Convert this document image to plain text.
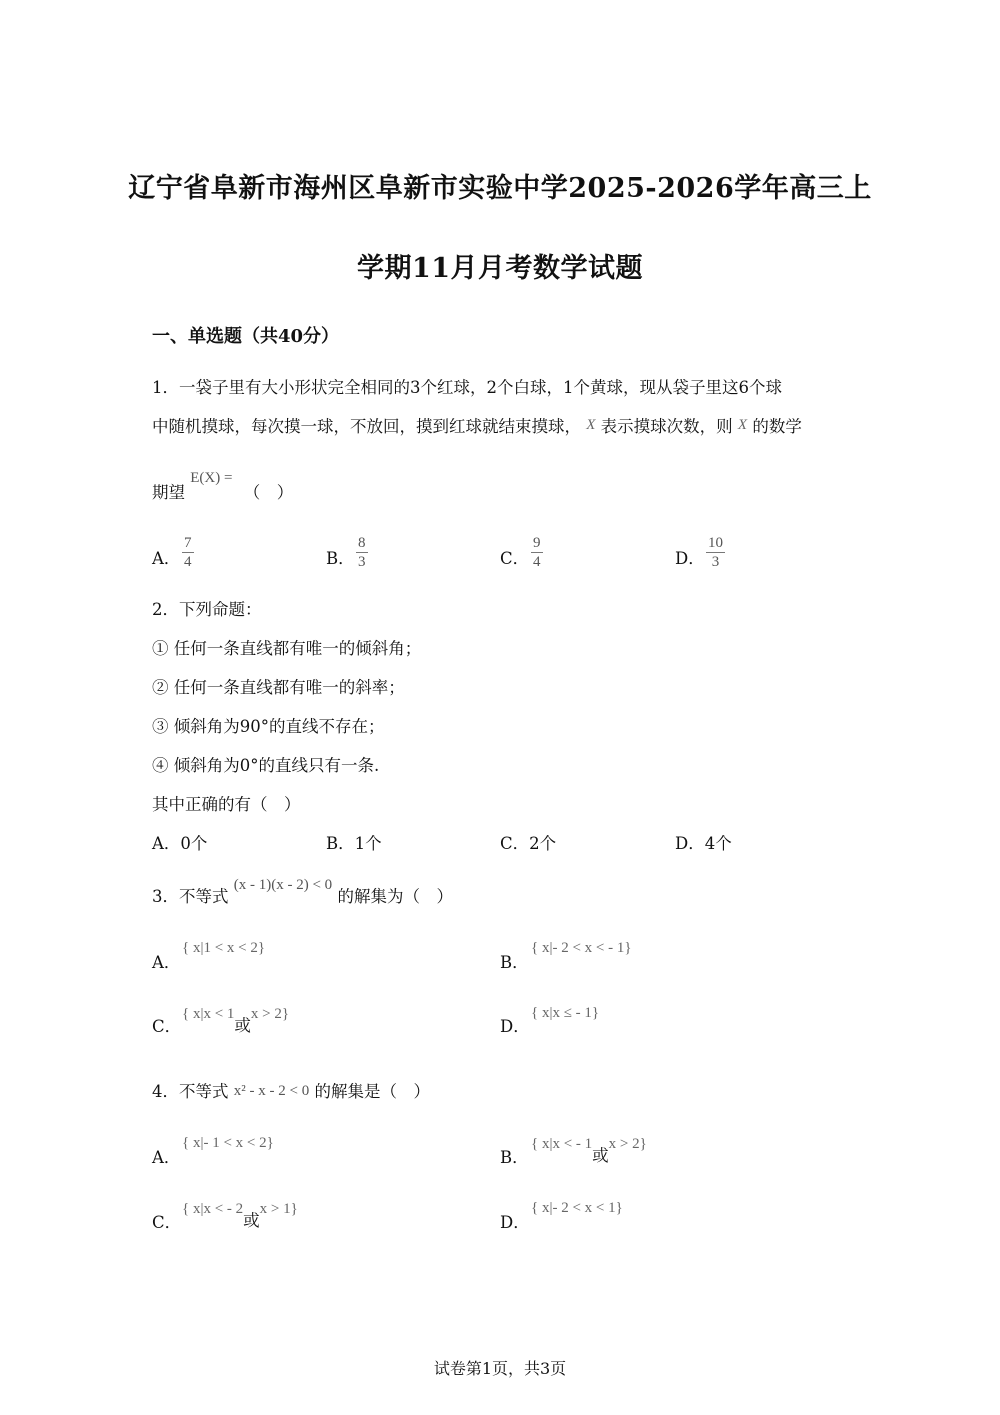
辽宁省阜新市海州区阜新市实验中学2025-2026学年高三上
学期11月月考数学试题
一、单选题（共40分）
1．一袋子里有大小形状完全相同的3个红球，2个白球，1个黄球，现从袋子里这6个球
中随机摸球，每次摸一球，不放回，摸到红球就结束摸球， X 表示摸球次数，则 X 的数学
期望 E(X) = （　）
A． $\frac{7}{4}$	B． $\frac{8}{3}$	C． $\frac{9}{4}$	D． $\frac{10}{3}$
2．下列命题：
① 任何一条直线都有唯一的倾斜角；
② 任何一条直线都有唯一的斜率；
③ 倾斜角为90°的直线不存在；
④ 倾斜角为0°的直线只有一条.
其中正确的有（　）
A．0个	B．1个	C．2个	D．4个
3．不等式 (x - 1)(x - 2) < 0 的解集为（　）
A．
{ x|1 < x < 2}
B．
{ x|- 2 < x < - 1}
C．
{ x|x < 1或x > 2}
D．
{ x|x ≤ - 1}
4．不等式 x² - x - 2 < 0 的解集是（　）
A．
{ x|- 1 < x < 2}
B．
{ x|x < - 1或x > 2}
C．
{ x|x < - 2或x > 1}
D．
{ x|- 2 < x < 1}
试卷第1页，共3页
